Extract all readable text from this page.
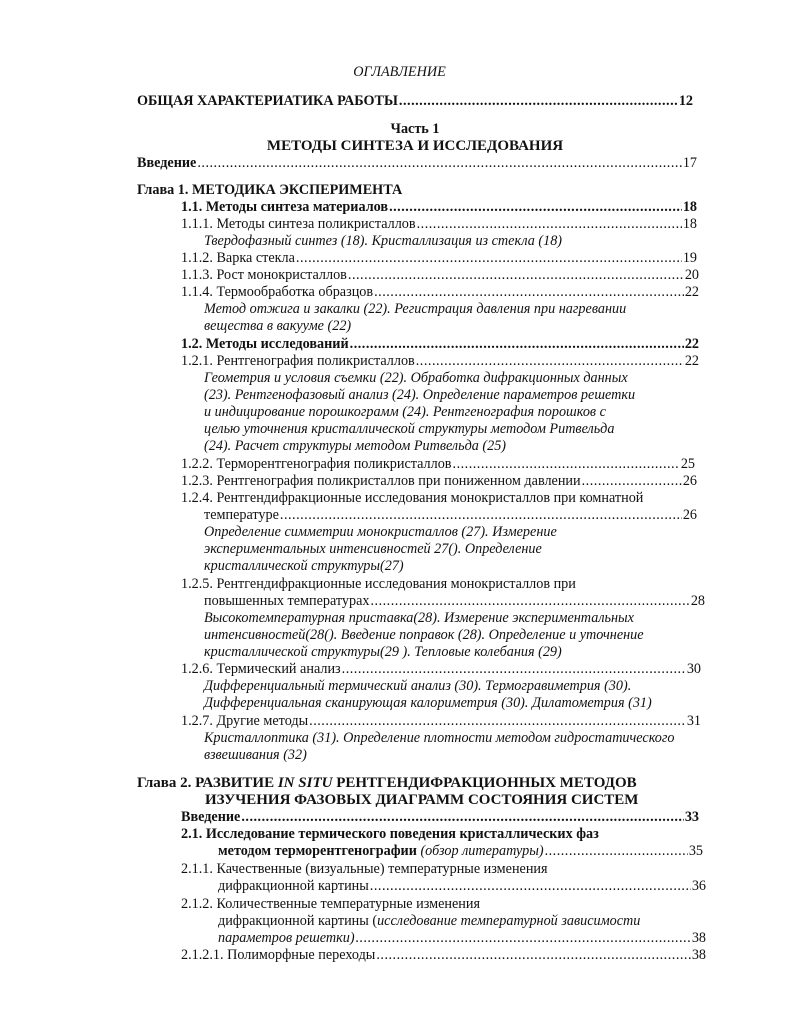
ОГЛАВЛЕНИЕ
ОБЩАЯ ХАРАКТЕРИАТИКА РАБОТЫ .....	12
Часть 1
МЕТОДЫ СИНТЕЗА И ИССЛЕДОВАНИЯ
Введение .....	17
Глава 1. МЕТОДИКА ЭКСПЕРИМЕНТА
1.1. Методы синтеза материалов .....	18
1.1.1. Методы синтеза поликристаллов .....	18
Твердофазный синтез (18). Кристаллизация из стекла (18)
1.1.2. Варка стекла .....	19
1.1.3. Рост монокристаллов .....	20
1.1.4. Термообработка образцов .....	22
Метод отжига и закалки (22). Регистрация давления при нагревании
вещества в вакууме (22)
1.2. Методы исследований .....	22
1.2.1. Рентгенография поликристаллов .....	22
Геометрия и условия съемки (22). Обработка дифракционных данных
(23). Рентгенофазовый анализ (24). Определение параметров решетки
и индицирование порошкограмм (24). Рентгенография порошков с
целью уточнения кристаллической структуры методом Ритвельда
(24). Расчет структуры методом Ритвельда (25)
1.2.2. Терморентгенография поликристаллов .....	25
1.2.3. Рентгенография поликристаллов при пониженном давлении .....	26
1.2.4. Рентгендифракционные исследования монокристаллов при комнатной
температуре .....	26
Определение симметрии монокристаллов (27). Измерение
экспериментальных интенсивностей 27(). Определение
кристаллической структуры(27)
1.2.5. Рентгендифракционные исследования монокристаллов при
повышенных температурах .....	28
Высокотемпературная приставка(28). Измерение экспериментальных
интенсивностей(28(). Введение поправок (28). Определение и уточнение
кристаллической структуры(29 ). Тепловые колебания (29)
1.2.6. Термический анализ .....	30
Дифференциальный термический анализ (30). Термогравиметрия (30).
Дифференциальная сканирующая калориметрия (30). Дилатометрия (31)
1.2.7. Другие методы .....	31
Кристаллоптика (31). Определение плотности методом гидростатического
взвешивания (32)
Глава 2. РАЗВИТИЕ IN SITU РЕНТГЕНДИФРАКЦИОННЫХ МЕТОДОВ
ИЗУЧЕНИЯ ФАЗОВЫХ ДИАГРАММ СОСТОЯНИЯ СИСТЕМ
Введение .....	33
2.1. Исследование термического поведения кристаллических фаз
методом терморентгенографии
(обзор литературы) .....	35
2.1.1. Качественные (визуальные) температурные изменения
дифракционной картины .....	36
2.1.2. Количественные температурные изменения
дифракционной картины (исследование температурной зависимости
параметров решетки) .....	38
2.1.2.1. Полиморфные переходы .....	38
